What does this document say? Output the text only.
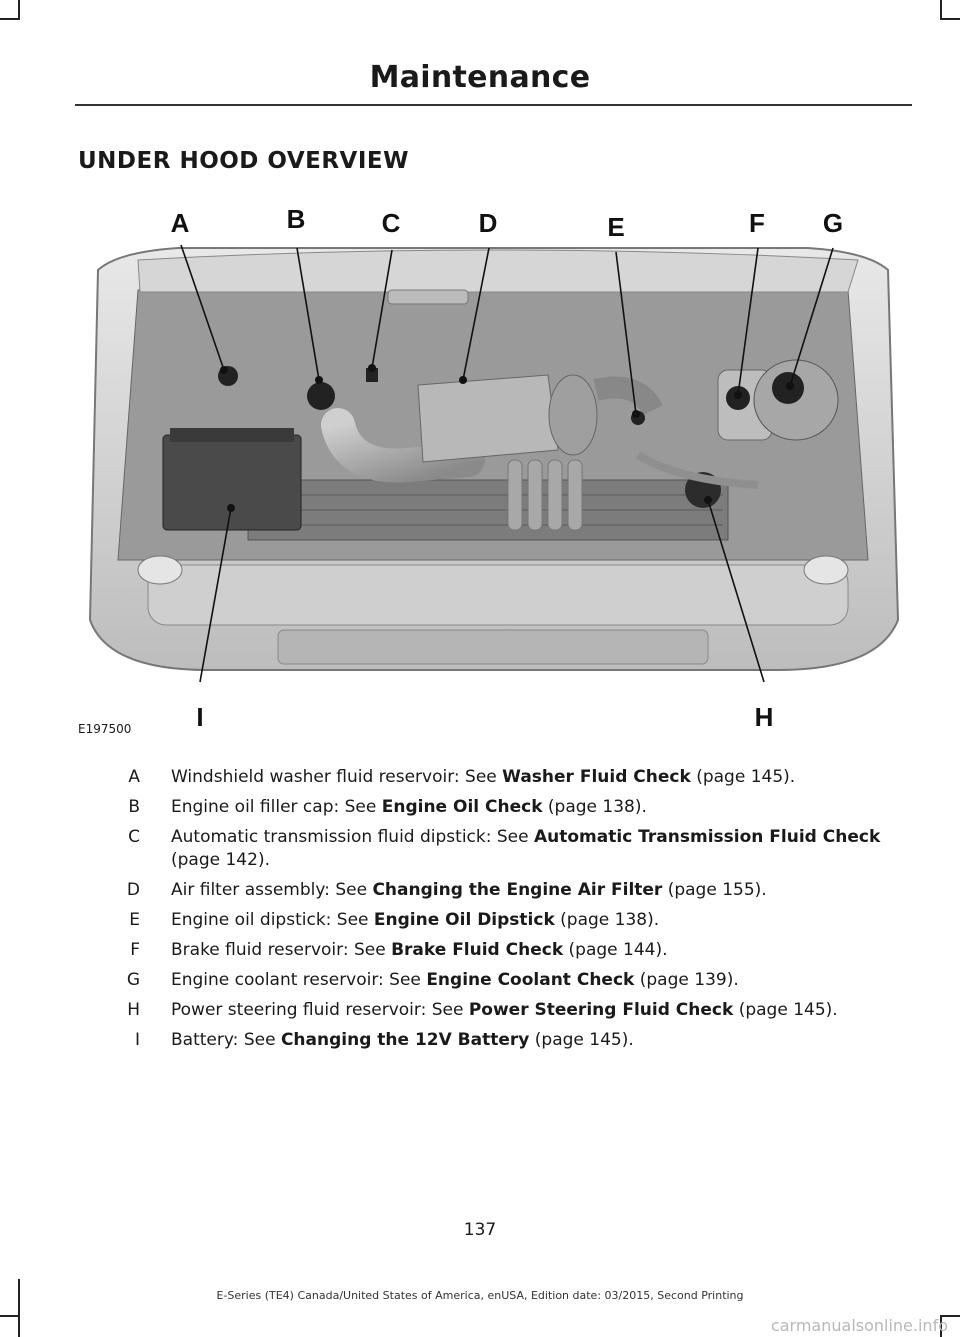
Maintenance
UNDER HOOD OVERVIEW
A	B	C	D	E	F G
I	H
E197500
A Windshield washer fluid reservoir: See Washer Fluid Check (page 145).
B Engine oil filler cap: See Engine Oil Check (page 138).
C Automatic transmission fluid dipstick: See Automatic Transmission Fluid Check (page 142).
D Air filter assembly: See Changing the Engine Air Filter (page 155).
E Engine oil dipstick: See Engine Oil Dipstick (page 138).
F Brake fluid reservoir: See Brake Fluid Check (page 144).
G Engine coolant reservoir: See Engine Coolant Check (page 139).
H Power steering fluid reservoir: See Power Steering Fluid Check (page 145).
I Battery: See Changing the 12V Battery (page 145).
137
E-Series (TE4) Canada/United States of America, enUSA, Edition date: 03/2015, Second Printing
carmanualsonline.info
